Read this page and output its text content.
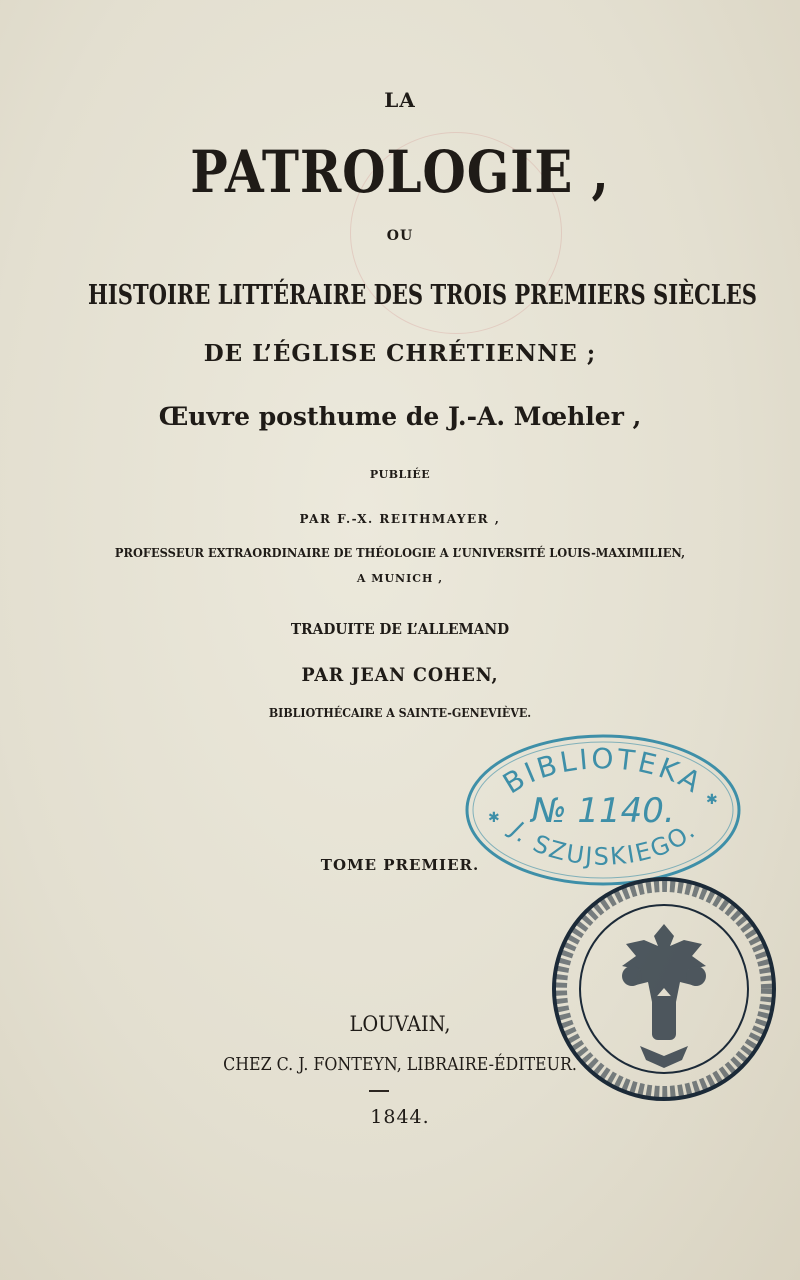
LA
PATROLOGIE ,
OU
HISTOIRE LITTÉRAIRE DES TROIS PREMIERS SIÈCLES
DE L’ÉGLISE CHRÉTIENNE ;
Œuvre posthume de J.-A. Mœhler ,
PUBLIÉE
PAR F.-X. REITHMAYER ,
PROFESSEUR EXTRAORDINAIRE DE THÉOLOGIE A L’UNIVERSITÉ LOUIS-MAXIMILIEN,
A MUNICH ,
TRADUITE DE L’ALLEMAND
PAR JEAN COHEN,
BIBLIOTHÉCAIRE A SAINTE-GENEVIÈVE.
TOME PREMIER.
LOUVAIN,
CHEZ C. J. FONTEYN, LIBRAIRE-ÉDITEUR.
1844.
BIBLIOTEKA
№ 1140.
J. SZUJSKIEGO.
✱
✱
